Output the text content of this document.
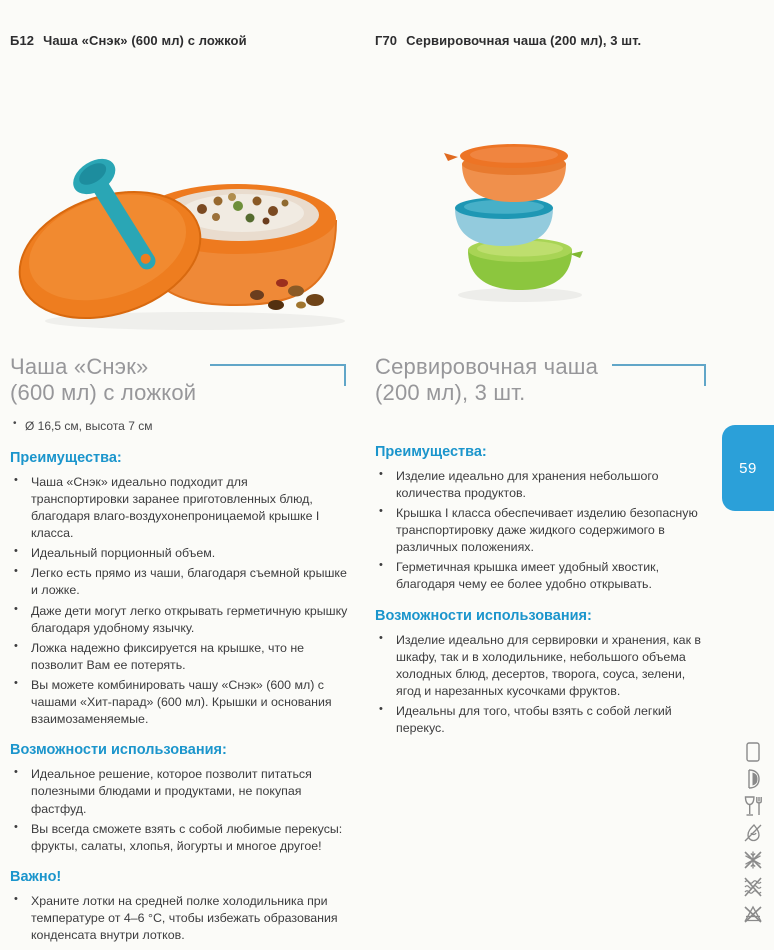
Б12 Чаша «Снэк» (600 мл) с ложкой	Г70 Сервировочная чаша (200 мл), 3 шт.
Чаша «Снэк»
(600 мл) с ложкой
• Ø 16,5 см, высота 7 см
Преимущества:
• Чаша «Снэк» идеально подходит для транспортировки заранее приготовленных блюд, благодаря влаго-воздухонепроницаемой крышке I класса.
• Идеальный порционный объем.
• Легко есть прямо из чаши, благодаря съемной крышке и ложке.
• Даже дети могут легко открывать герметичную крышку благодаря удобному язычку.
• Ложка надежно фиксируется на крышке, что не позволит Вам ее потерять.
• Вы можете комбинировать чашу «Снэк» (600 мл) с чашами «Хит-парад» (600 мл). Крышки и основания взаимозаменяемые.
Возможности использования:
• Идеальное решение, которое позволит питаться полезными блюдами и продуктами, не покупая фастфуд.
• Вы всегда сможете взять с собой любимые перекусы: фрукты, салаты, хлопья, йогурты и многое другое!
Важно!
• Храните лотки на средней полке холодильника при температуре от 4–6 °С, чтобы избежать образования конденсата внутри лотков.
Сервировочная чаша
(200 мл), 3 шт.
Преимущества:
• Изделие идеально для хранения небольшого количества продуктов.
• Крышка I класса обеспечивает изделию безопасную транспортировку даже жидкого содержимого в различных положениях.
• Герметичная крышка имеет удобный хвостик, благодаря чему ее более удобно открывать.
Возможности использования:
• Изделие идеально для сервировки и хранения, как в шкафу, так и в холодильнике, небольшого объема холодных блюд, десертов, творога, соуса, зелени, ягод и нарезанных кусочками фруктов.
• Идеальны для того, чтобы взять с собой легкий перекус.
59
